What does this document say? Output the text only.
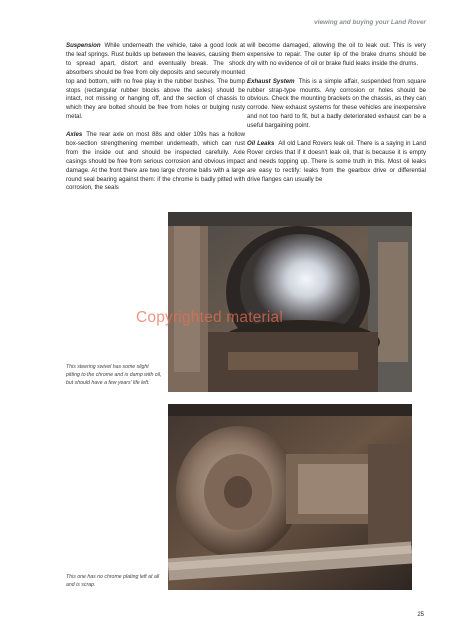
viewing and buying your Land Rover

Suspension While underneath the vehicle, take a good look at the leaf springs. Rust builds up between the leaves, causing them to spread apart, distort and eventually break. The shock absorbers should be free from oily deposits and securely mounted top and bottom, with no free play in the rubber bushes. The bump stops (rectangular rubber blocks above the axles) should be intact, not missing or hanging off, and the section of chassis to which they are bolted should be free from holes or bulging rusty metal.

Axles The rear axle on most 88s and older 109s has a hollow box-section strengthening member underneath, which can rust from the inside out and should be inspected carefully. Axle casings should be free from serious corrosion and obvious impact damage. At the front there are two large chrome balls with a large round seal bearing against them: if the chrome is badly pitted with corrosion, the seals

will become damaged, allowing the oil to leak out. This is very expensive to repair. The outer lip of the brake drums should be dry with no evidence of oil or brake fluid leaks inside the drums.

Exhaust System This is a simple affair, suspended from square rubber strap-type mounts. Any corrosion or holes should be obvious. Check the mounting brackets on the chassis, as they can corrode. New exhaust systems for these vehicles are inexpensive and not too hard to fit, but a badly deteriorated exhaust can be a useful bargaining point.

Oil Leaks All old Land Rovers leak oil. There is a saying in Land Rover circles that if it doesn't leak oil, that is because it is empty and needs topping up. There is some truth in this. Most oil leaks are easy to rectify: leaks from the gearbox drive or differential drive flanges can usually be

This steering swivel has some slight pitting to the chrome and is damp with oil, but should have a few years' life left.
This one has no chrome plating left at all and is scrap.
Copyrighted material
25
